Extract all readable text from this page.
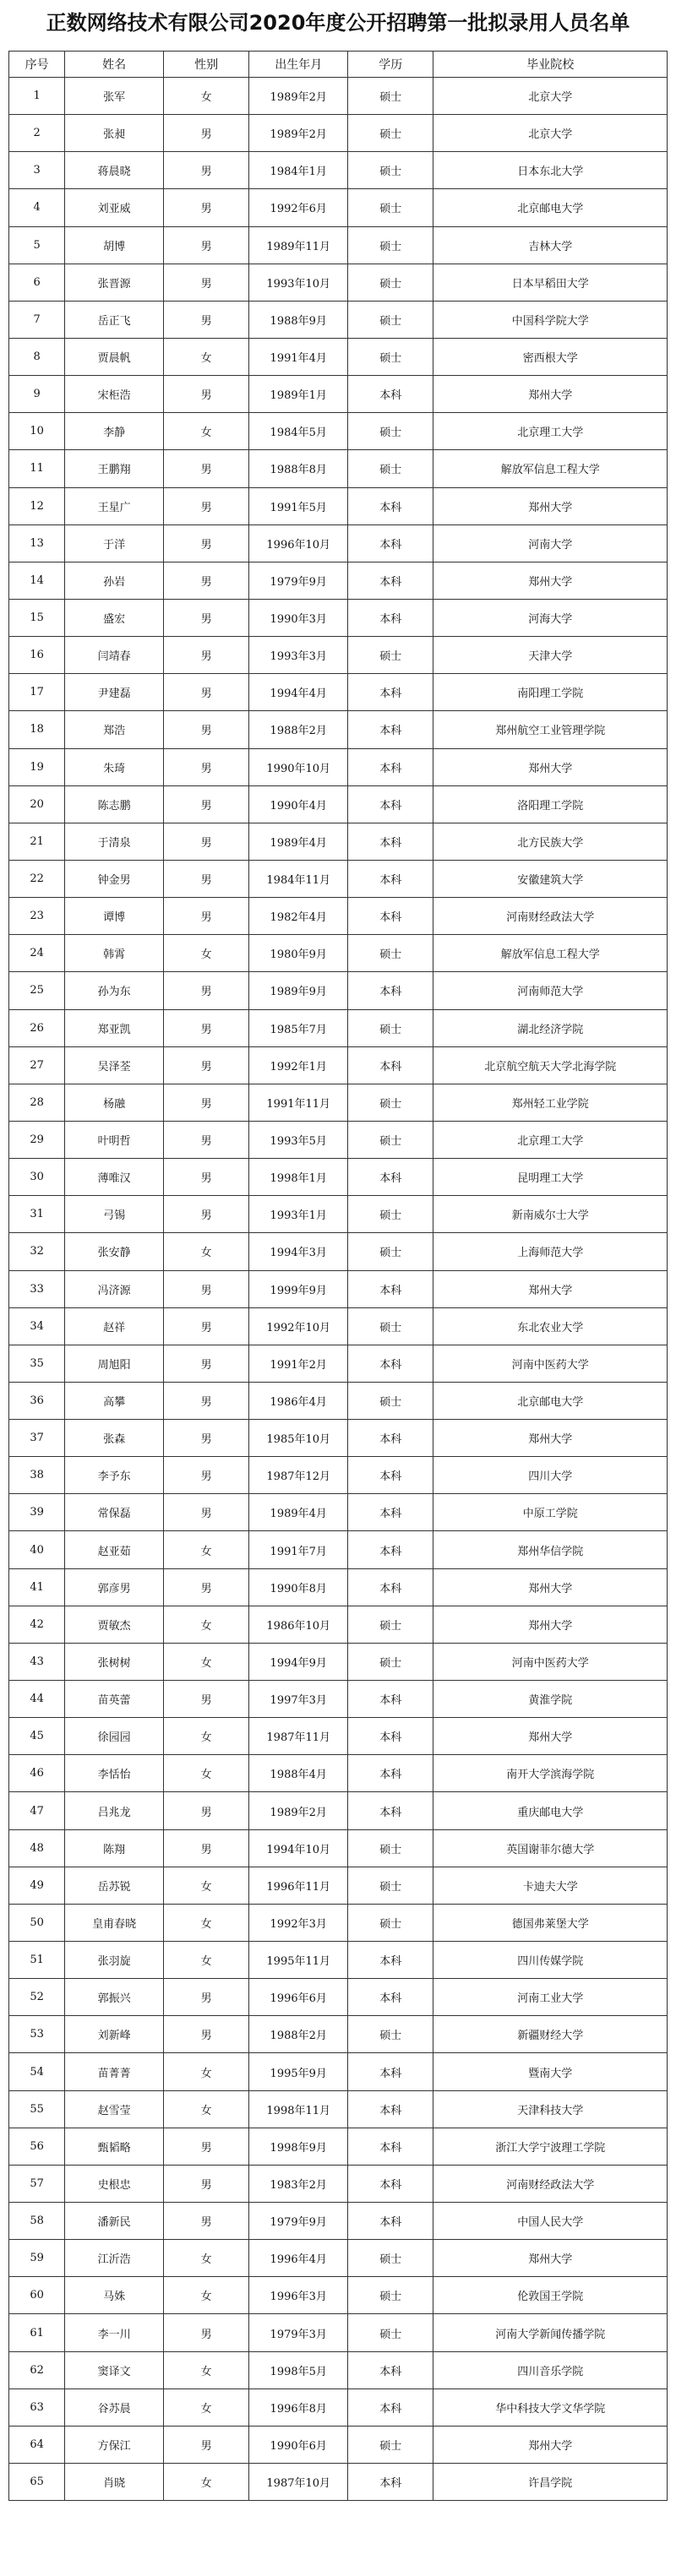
正数网络技术有限公司2020年度公开招聘第一批拟录用人员名单
序号	姓名	性别	出生年月	学历	毕业院校
1	张军	女	1989年2月	硕士	北京大学
2	张昶	男	1989年2月	硕士	北京大学
3	蒋晨晓	男	1984年1月	硕士	日本东北大学
4	刘亚威	男	1992年6月	硕士	北京邮电大学
5	胡博	男	1989年11月	硕士	吉林大学
6	张晋源	男	1993年10月	硕士	日本早稻田大学
7	岳正飞	男	1988年9月	硕士	中国科学院大学
8	贾晨帆	女	1991年4月	硕士	密西根大学
9	宋柜浩	男	1989年1月	本科	郑州大学
10	李静	女	1984年5月	硕士	北京理工大学
11	王鹏翔	男	1988年8月	硕士	解放军信息工程大学
12	王星广	男	1991年5月	本科	郑州大学
13	于洋	男	1996年10月	本科	河南大学
14	孙岩	男	1979年9月	本科	郑州大学
15	盛宏	男	1990年3月	本科	河海大学
16	闫靖春	男	1993年3月	硕士	天津大学
17	尹建磊	男	1994年4月	本科	南阳理工学院
18	郑浩	男	1988年2月	本科	郑州航空工业管理学院
19	朱琦	男	1990年10月	本科	郑州大学
20	陈志鹏	男	1990年4月	本科	洛阳理工学院
21	于清泉	男	1989年4月	本科	北方民族大学
22	钟金男	男	1984年11月	本科	安徽建筑大学
23	谭博	男	1982年4月	本科	河南财经政法大学
24	韩霄	女	1980年9月	硕士	解放军信息工程大学
25	孙为东	男	1989年9月	本科	河南师范大学
26	郑亚凯	男	1985年7月	硕士	湖北经济学院
27	吴泽荃	男	1992年1月	本科	北京航空航天大学北海学院
28	杨融	男	1991年11月	硕士	郑州轻工业学院
29	叶明哲	男	1993年5月	硕士	北京理工大学
30	薄唯汉	男	1998年1月	本科	昆明理工大学
31	弓锡	男	1993年1月	硕士	新南威尔士大学
32	张安静	女	1994年3月	硕士	上海师范大学
33	冯济源	男	1999年9月	本科	郑州大学
34	赵祥	男	1992年10月	硕士	东北农业大学
35	周旭阳	男	1991年2月	本科	河南中医药大学
36	高攀	男	1986年4月	硕士	北京邮电大学
37	张森	男	1985年10月	本科	郑州大学
38	李予东	男	1987年12月	本科	四川大学
39	常保磊	男	1989年4月	本科	中原工学院
40	赵亚茹	女	1991年7月	本科	郑州华信学院
41	郭彦男	男	1990年8月	本科	郑州大学
42	贾敏杰	女	1986年10月	硕士	郑州大学
43	张树树	女	1994年9月	硕士	河南中医药大学
44	苗英蕾	男	1997年3月	本科	黄淮学院
45	徐园园	女	1987年11月	本科	郑州大学
46	李恬怡	女	1988年4月	本科	南开大学滨海学院
47	吕兆龙	男	1989年2月	本科	重庆邮电大学
48	陈翔	男	1994年10月	硕士	英国谢菲尔德大学
49	岳苏锐	女	1996年11月	硕士	卡迪夫大学
50	皇甫春晓	女	1992年3月	硕士	德国弗莱堡大学
51	张羽旋	女	1995年11月	本科	四川传媒学院
52	郭振兴	男	1996年6月	本科	河南工业大学
53	刘新峰	男	1988年2月	硕士	新疆财经大学
54	苗菁菁	女	1995年9月	本科	暨南大学
55	赵雪莹	女	1998年11月	本科	天津科技大学
56	甄韬略	男	1998年9月	本科	浙江大学宁波理工学院
57	史根忠	男	1983年2月	本科	河南财经政法大学
58	潘新民	男	1979年9月	本科	中国人民大学
59	江沂浩	女	1996年4月	硕士	郑州大学
60	马姝	女	1996年3月	硕士	伦敦国王学院
61	李一川	男	1979年3月	硕士	河南大学新闻传播学院
62	窦译文	女	1998年5月	本科	四川音乐学院
63	谷苏晨	女	1996年8月	本科	华中科技大学文华学院
64	方保江	男	1990年6月	硕士	郑州大学
65	肖晓	女	1987年10月	本科	许昌学院
